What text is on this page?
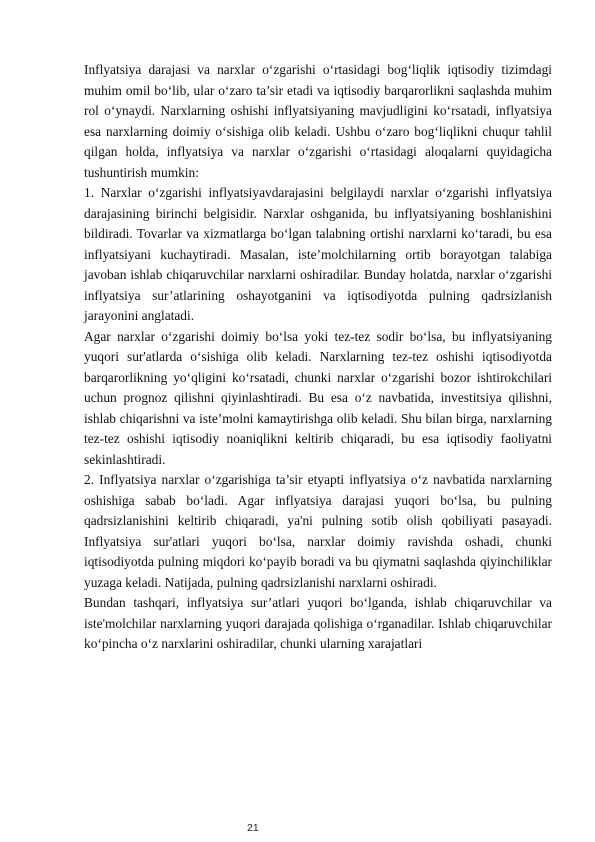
Inflyatsiya darajasi va narxlar o‘zgarishi o‘rtasidagi bog‘liqlik iqtisodiy tizimdagi muhim omil bo‘lib, ular o‘zaro ta’sir etadi va iqtisodiy barqarorlikni saqlashda muhim rol o‘ynaydi. Narxlarning oshishi inflyatsiyaning mavjudligini ko‘rsatadi, inflyatsiya esa narxlarning doimiy o‘sishiga olib keladi. Ushbu o‘zaro bog‘liqlikni chuqur tahlil qilgan holda, inflyatsiya va narxlar o‘zgarishi o‘rtasidagi aloqalarni quyidagicha tushuntirish mumkin:

1. Narxlar o‘zgarishi inflyatsiyavdarajasini belgilaydi narxlar o‘zgarishi inflyatsiya darajasining birinchi belgisidir. Narxlar oshganida, bu inflyatsiyaning boshlanishini bildiradi. Tovarlar va xizmatlarga bo‘lgan talabning ortishi narxlarni ko‘taradi, bu esa inflyatsiyani kuchaytiradi. Masalan, iste’molchilarning ortib borayotgan talabiga javoban ishlab chiqaruvchilar narxlarni oshiradilar. Bunday holatda, narxlar o‘zgarishi inflyatsiya sur’atlarining oshayotganini va iqtisodiyotda pulning qadrsizlanish jarayonini anglatadi.

Agar narxlar o‘zgarishi doimiy bo‘lsa yoki tez-tez sodir bo‘lsa, bu inflyatsiyaning yuqori sur'atlarda o‘sishiga olib keladi. Narxlarning tez-tez oshishi iqtisodiyotda barqarorlikning yo‘qligini ko‘rsatadi, chunki narxlar o‘zgarishi bozor ishtirokchilari uchun prognoz qilishni qiyinlashtiradi. Bu esa o‘z navbatida, investitsiya qilishni, ishlab chiqarishni va iste’molni kamaytirishga olib keladi. Shu bilan birga, narxlarning tez-tez oshishi iqtisodiy noaniqlikni keltirib chiqaradi, bu esa iqtisodiy faoliyatni sekinlashtiradi.

2. Inflyatsiya narxlar o‘zgarishiga ta’sir etyapti inflyatsiya o‘z navbatida narxlarning oshishiga sabab bo‘ladi. Agar inflyatsiya darajasi yuqori bo‘lsa, bu pulning qadrsizlanishini keltirib chiqaradi, ya'ni pulning sotib olish qobiliyati pasayadi. Inflyatsiya sur'atlari yuqori bo‘lsa, narxlar doimiy ravishda oshadi, chunki iqtisodiyotda pulning miqdori ko‘payib boradi va bu qiymatni saqlashda qiyinchiliklar yuzaga keladi. Natijada, pulning qadrsizlanishi narxlarni oshiradi.

Bundan tashqari, inflyatsiya sur’atlari yuqori bo‘lganda, ishlab chiqaruvchilar va iste'molchilar narxlarning yuqori darajada qolishiga o‘rganadilar. Ishlab chiqaruvchilar ko‘pincha o‘z narxlarini oshiradilar, chunki ularning xarajatlari

21
